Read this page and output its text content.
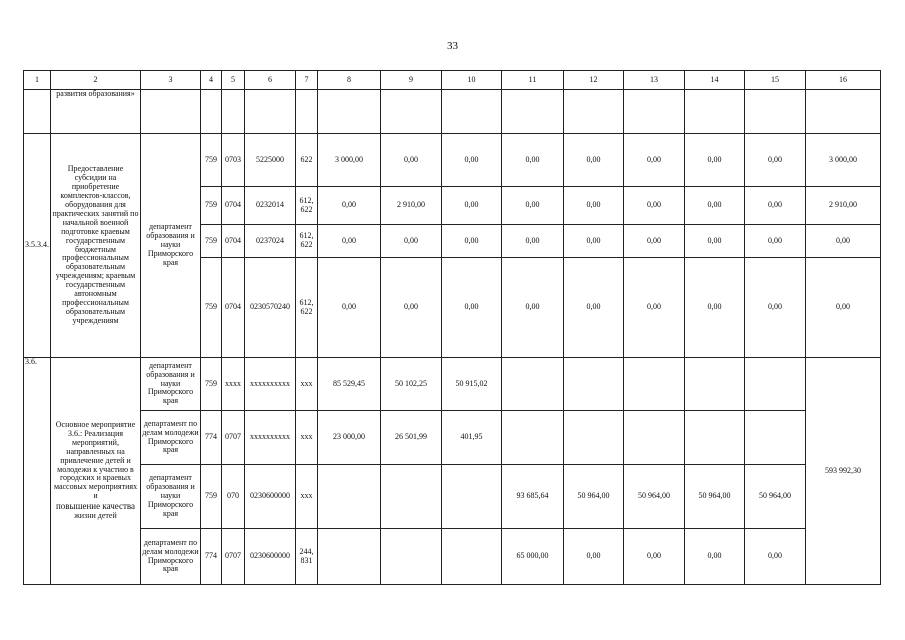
33
1	2	3	4	5	6	7	8	9	10	11	12	13	14	15	16
	развития образования»														
3.5.3.4.	Предоставление субсидии на приобретение комплектов-классов, оборудования для практических занятий по начальной военной подготовке краевым государственным бюджетным профессиональным образовательным учреждениям; краевым государственным автономным профессиональным образовательным учреждениям	департамент образования и науки Приморского края	759	0703	5225000	622	3 000,00	0,00	0,00	0,00	0,00	0,00	0,00	0,00	3 000,00
			759	0704	0232014	612, 622	0,00	2 910,00	0,00	0,00	0,00	0,00	0,00	0,00	2 910,00
			759	0704	0237024	612, 622	0,00	0,00	0,00	0,00	0,00	0,00	0,00	0,00	0,00
			759	0704	0230570240	612, 622	0,00	0,00	0,00	0,00	0,00	0,00	0,00	0,00	0,00
3.6.	Основное мероприятие 3.6.: Реализация мероприятий, направленных на привлечение детей и молодежи к участию в городских и краевых массовых мероприятиях и
повышение качества
жизни детей	департамент образования и науки Приморского края	759	xxxx	xxxxxxxxxx	xxx	85 529,45	50 102,25	50 915,02						593 992,30
		департамент по делам молодежи Приморского края	774	0707	xxxxxxxxxx	xxx	23 000,00	26 501,99	401,95						
		департамент образования и науки Приморского края	759	070	0230600000	xxx				93 685,64	50 964,00	50 964,00	50 964,00	50 964,00	
		департамент по делам молодежи Приморского края	774	0707	0230600000	244, 831				65 000,00	0,00	0,00	0,00	0,00	
